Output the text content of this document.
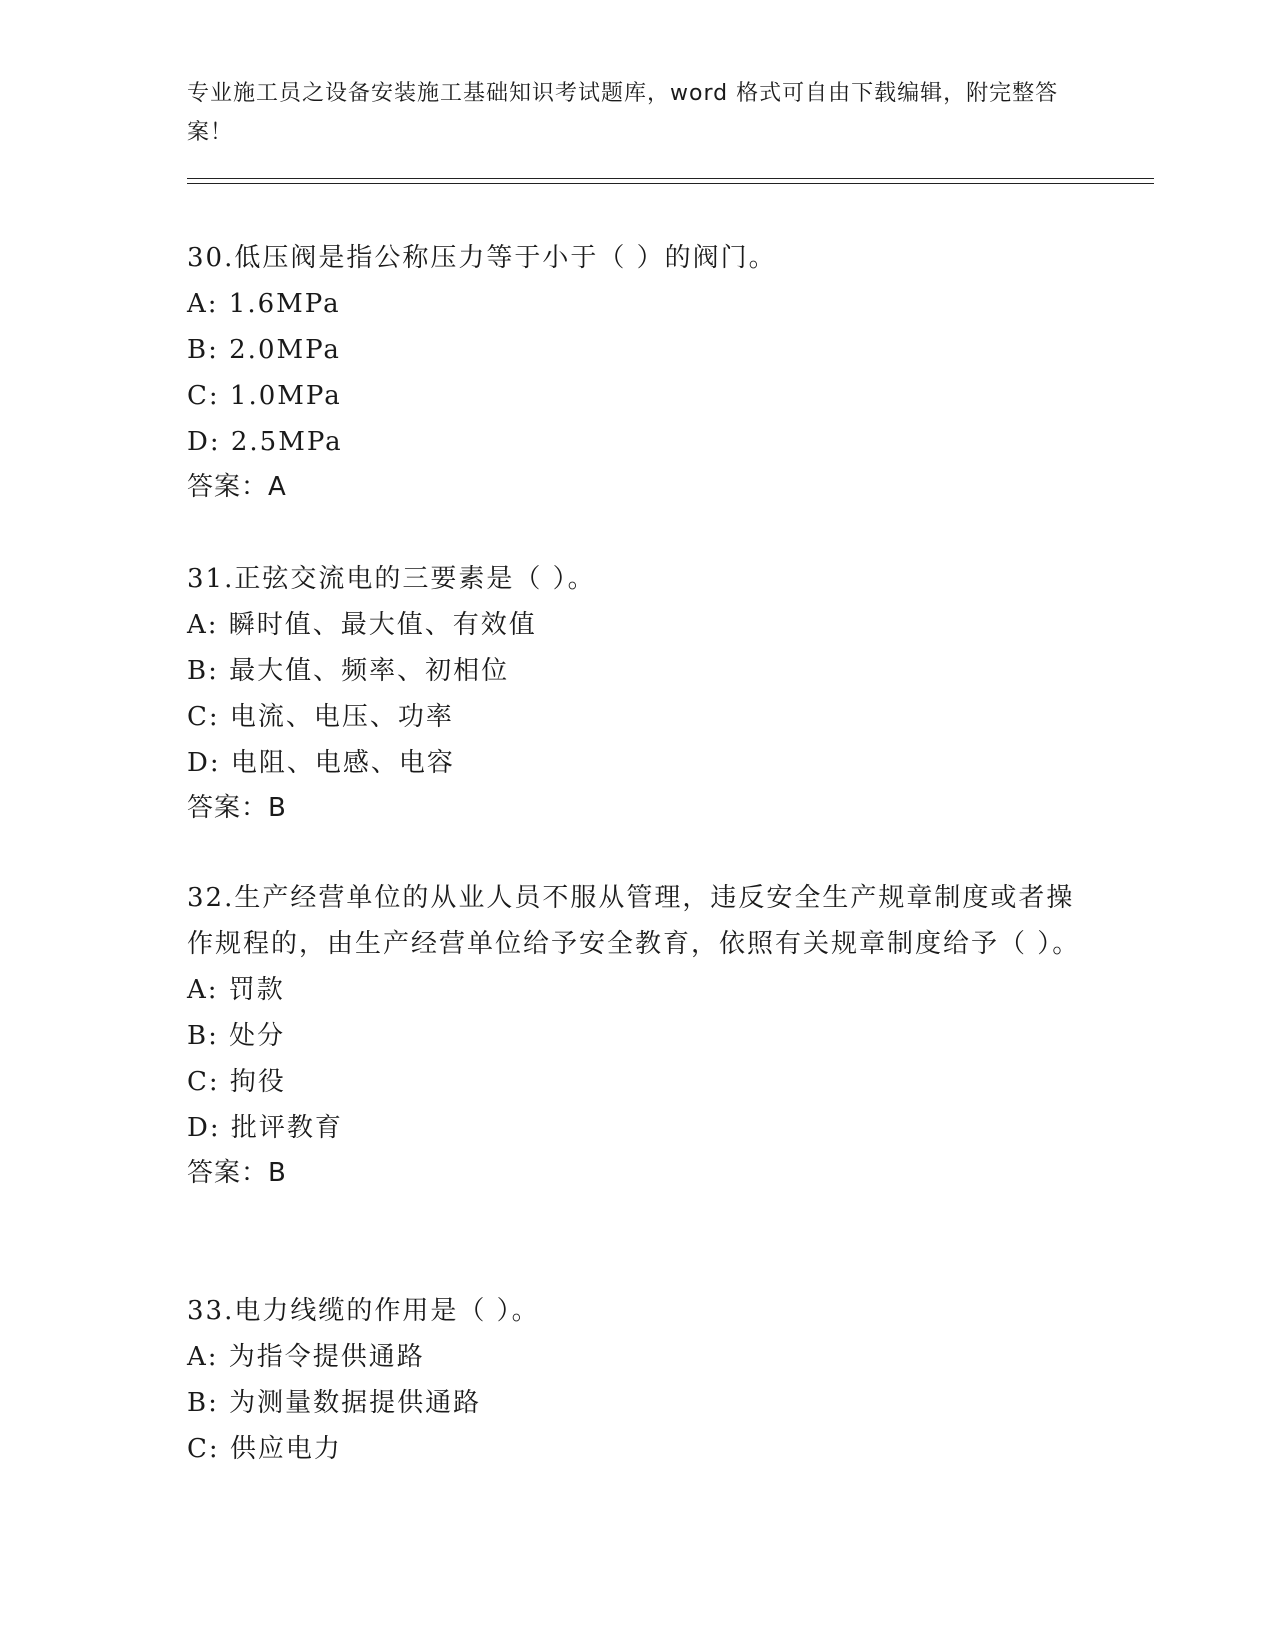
专业施工员之设备安装施工基础知识考试题库，word 格式可自由下载编辑，附完整答案！

30.低压阀是指公称压力等于小于（ ）的阀门。

A: 1.6MPa

B: 2.0MPa

C: 1.0MPa

D: 2.5MPa

答案：A

31.正弦交流电的三要素是（ ）。

A: 瞬时值、最大值、有效值

B: 最大值、频率、初相位

C: 电流、电压、功率

D: 电阻、电感、电容

答案：B

32.生产经营单位的从业人员不服从管理，违反安全生产规章制度或者操作规程的，由生产经营单位给予安全教育，依照有关规章制度给予（ ）。

A: 罚款

B: 处分

C: 拘役

D: 批评教育

答案：B

33.电力线缆的作用是（ ）。

A: 为指令提供通路

B: 为测量数据提供通路

C: 供应电力
